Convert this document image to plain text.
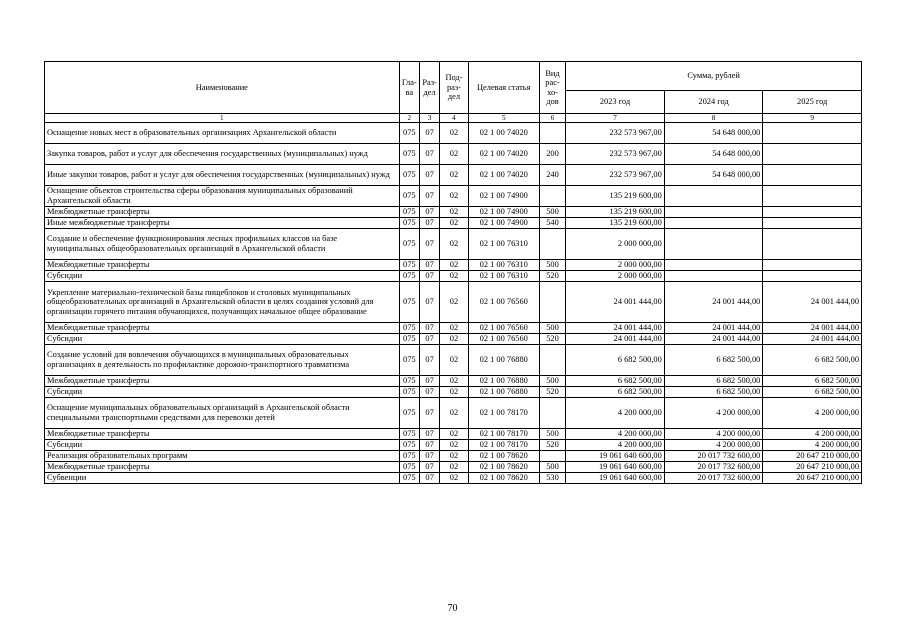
Наименование	Гла-ва	Раз-дел	Под-раз-дел	Целевая статья	Вид рас-хо-дов	Сумма, рублей		
						2023 год	2024 год	2025 год
1	2	3	4	5	6	7	8	9
Оснащение новых мест в образовательных организациях Архангельской области	075	07	02	02 1 00 74020		232 573 967,00	54 648 000,00	
Закупка товаров, работ и услуг для обеспечения государственных (муниципальных) нужд	075	07	02	02 1 00 74020	200	232 573 967,00	54 648 000,00	
Иные закупки товаров, работ и услуг для обеспечения государственных (муниципальных) нужд	075	07	02	02 1 00 74020	240	232 573 967,00	54 648 000,00	
Оснащение объектов строительства сферы образования муниципальных образований Архангельской области	075	07	02	02 1 00 74900		135 219 600,00		
Межбюджетные трансферты	075	07	02	02 1 00 74900	500	135 219 600,00		
Иные межбюджетные трансферты	075	07	02	02 1 00 74900	540	135 219 600,00		
Создание и обеспечение функционирования лесных профильных классов на базе муниципальных общеобразовательных организаций в Архангельской области	075	07	02	02 1 00 76310		2 000 000,00		
Межбюджетные трансферты	075	07	02	02 1 00 76310	500	2 000 000,00		
Субсидии	075	07	02	02 1 00 76310	520	2 000 000,00		
Укрепление материально-технической базы пищеблоков и столовых муниципальных общеобразовательных организаций в Архангельской области в целях создания условий для организации горячего питания обучающихся, получающих начальное общее образование	075	07	02	02 1 00 76560		24 001 444,00	24 001 444,00	24 001 444,00
Межбюджетные трансферты	075	07	02	02 1 00 76560	500	24 001 444,00	24 001 444,00	24 001 444,00
Субсидии	075	07	02	02 1 00 76560	520	24 001 444,00	24 001 444,00	24 001 444,00
Создание условий для вовлечения обучающихся в муниципальных образовательных организациях в деятельность по профилактике дорожно-транспортного травматизма	075	07	02	02 1 00 76880		6 682 500,00	6 682 500,00	6 682 500,00
Межбюджетные трансферты	075	07	02	02 1 00 76880	500	6 682 500,00	6 682 500,00	6 682 500,00
Субсидии	075	07	02	02 1 00 76880	520	6 682 500,00	6 682 500,00	6 682 500,00
Оснащение муниципальных образовательных организаций в Архангельской области специальными транспортными средствами для перевозки детей	075	07	02	02 1 00 78170		4 200 000,00	4 200 000,00	4 200 000,00
Межбюджетные трансферты	075	07	02	02 1 00 78170	500	4 200 000,00	4 200 000,00	4 200 000,00
Субсидии	075	07	02	02 1 00 78170	520	4 200 000,00	4 200 000,00	4 200 000,00
Реализация образовательных программ	075	07	02	02 1 00 78620		19 061 640 600,00	20 017 732 600,00	20 647 210 000,00
Межбюджетные трансферты	075	07	02	02 1 00 78620	500	19 061 640 600,00	20 017 732 600,00	20 647 210 000,00
Субвенции	075	07	02	02 1 00 78620	530	19 061 640 600,00	20 017 732 600,00	20 647 210 000,00
70
